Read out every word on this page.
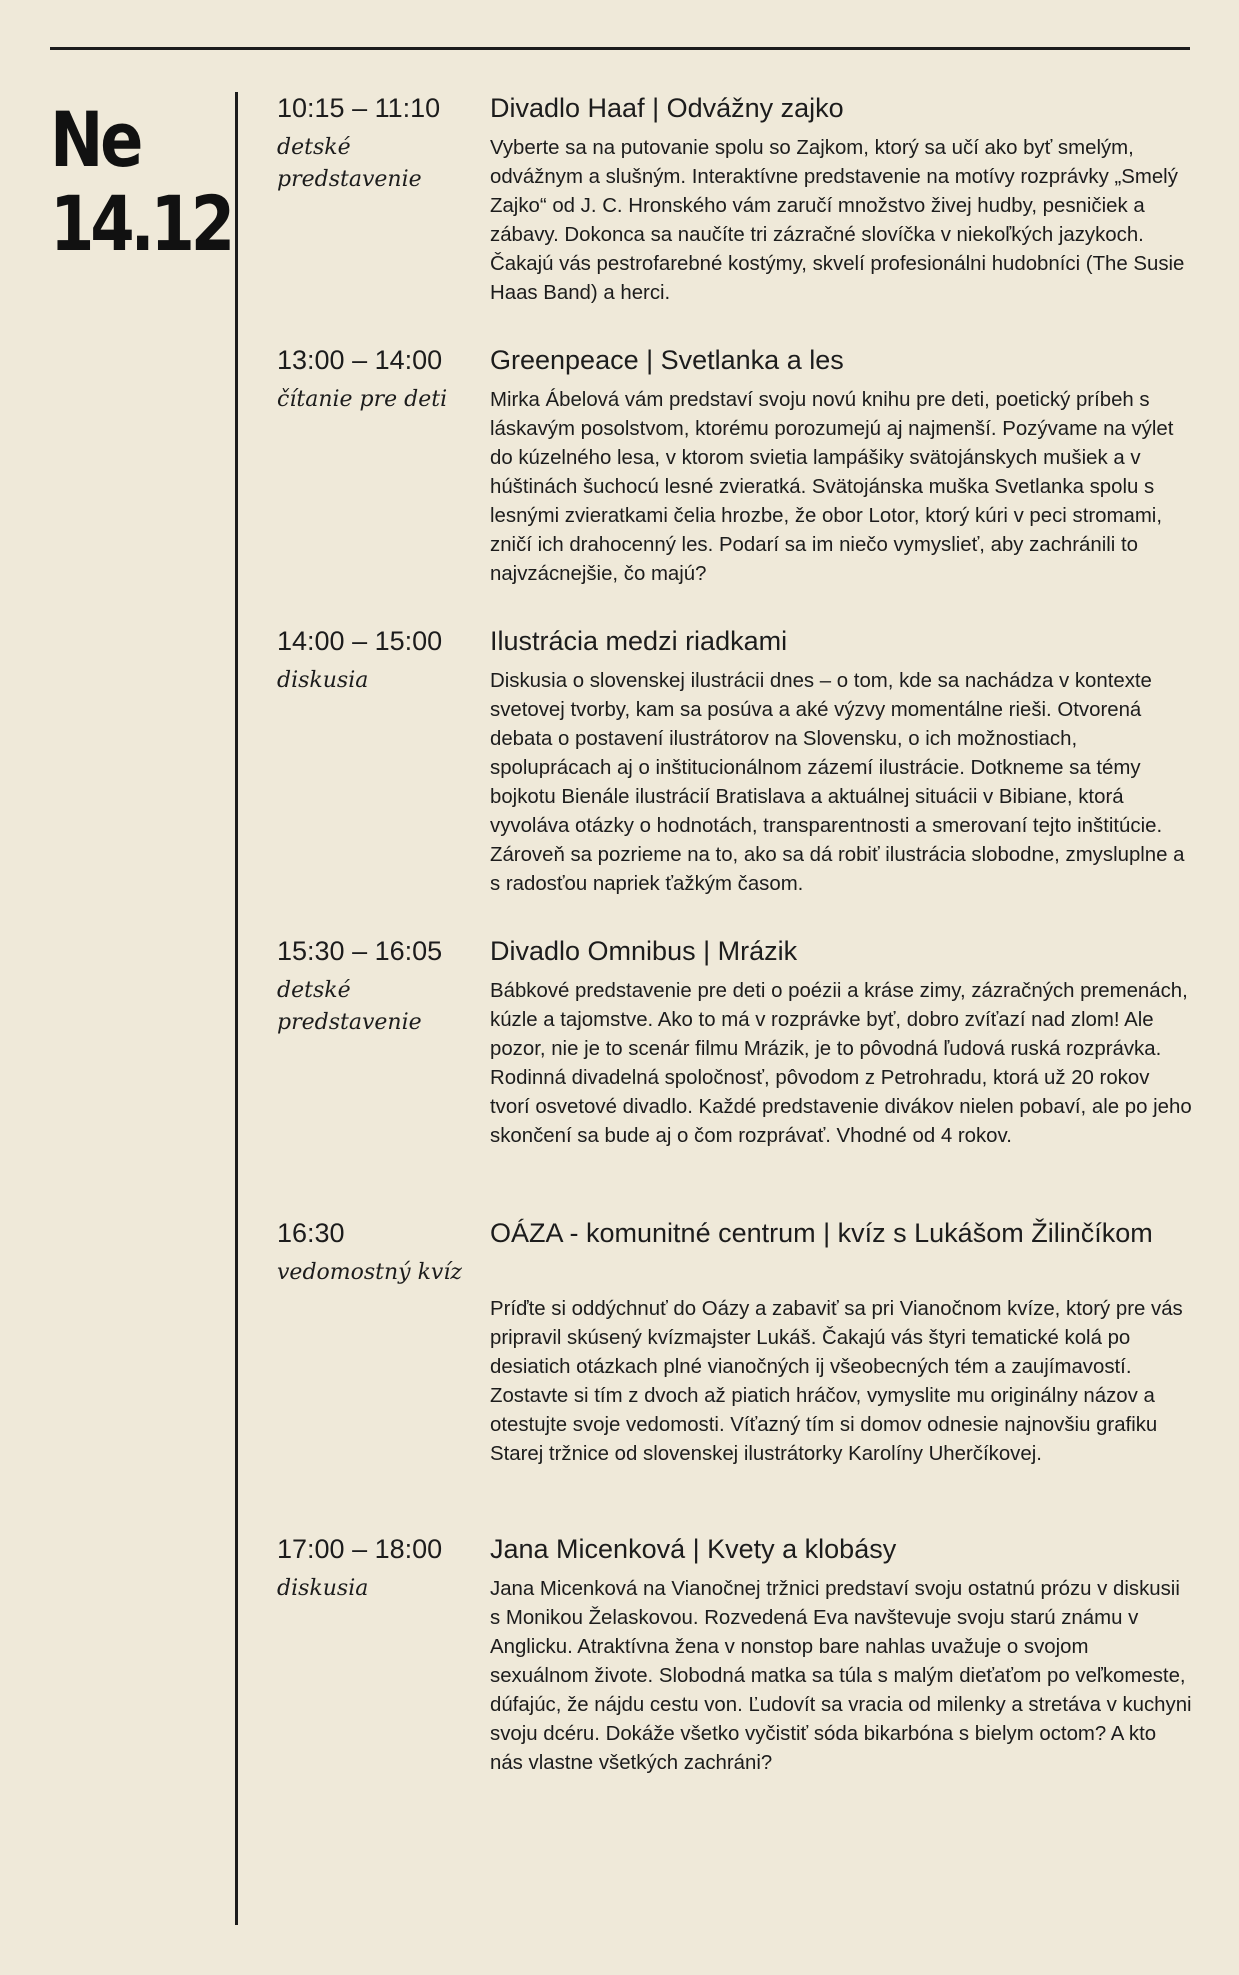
Ne
14.12
10:15 – 11:10
detské predstavenie
Divadlo Haaf | Odvážny zajko

Vyberte sa na putovanie spolu so Zajkom, ktorý sa učí ako byť smelým, odvážnym a slušným. Interaktívne predstavenie na motívy rozprávky „Smelý Zajko“ od J. C. Hronského vám zaručí množstvo živej hudby, pesničiek a zábavy. Dokonca sa naučíte tri zázračné slovíčka v niekoľkých jazykoch. Čakajú vás pestrofarebné kostýmy, skvelí profesionálni hudobníci (The Susie Haas Band) a herci.

13:00 – 14:00
čítanie pre deti
Greenpeace | Svetlanka a les

Mirka Ábelová vám predstaví svoju novú knihu pre deti, poetický príbeh s láskavým posolstvom, ktorému porozumejú aj najmenší. Pozývame na výlet do kúzelného lesa, v ktorom svietia lampášiky svätojánskych mušiek a v húštinách šuchocú lesné zvieratká. Svätojánska muška Svetlanka spolu s lesnými zvieratkami čelia hrozbe, že obor Lotor, ktorý kúri v peci stromami, zničí ich drahocenný les. Podarí sa im niečo vymyslieť, aby zachránili to najvzácnejšie, čo majú?

14:00 – 15:00
diskusia
Ilustrácia medzi riadkami

Diskusia o slovenskej ilustrácii dnes – o tom, kde sa nachádza v kontexte svetovej tvorby, kam sa posúva a aké výzvy momentálne rieši. Otvorená debata o postavení ilustrátorov na Slovensku, o ich možnostiach, spoluprácach aj o inštitucionálnom zázemí ilustrácie. Dotkneme sa témy bojkotu Bienále ilustrácií Bratislava a aktuálnej situácii v Bibiane, ktorá vyvoláva otázky o hodnotách, transparentnosti a smerovaní tejto inštitúcie. Zároveň sa pozrieme na to, ako sa dá robiť ilustrácia slobodne, zmysluplne a s radosťou napriek ťažkým časom.

15:30 – 16:05
detské predstavenie
Divadlo Omnibus | Mrázik

Bábkové predstavenie pre deti o poézii a kráse zimy, zázračných premenách, kúzle a tajomstve. Ako to má v rozprávke byť, dobro zvíťazí nad zlom! Ale pozor, nie je to scenár filmu Mrázik, je to pôvodná ľudová ruská rozprávka. Rodinná divadelná spoločnosť, pôvodom z Petrohradu, ktorá už 20 rokov tvorí osvetové divadlo. Každé predstavenie divákov nielen pobaví, ale po jeho skončení sa bude aj o čom rozprávať. Vhodné od 4 rokov.

16:30
vedomostný kvíz
OÁZA - komunitné centrum | kvíz s Lukášom Žilinčíkom

Príďte si oddýchnuť do Oázy a zabaviť sa pri Vianočnom kvíze, ktorý pre vás pripravil skúsený kvízmajster Lukáš. Čakajú vás štyri tematické kolá po desiatich otázkach plné vianočných ij všeobecných tém a zaujímavostí. Zostavte si tím z dvoch až piatich hráčov, vymyslite mu originálny názov a otestujte svoje vedomosti. Víťazný tím si domov odnesie najnovšiu grafiku Starej tržnice od slovenskej ilustrátorky Karolíny Uherčíkovej.

17:00 – 18:00
diskusia
Jana Micenková | Kvety a klobásy

Jana Micenková na Vianočnej tržnici predstaví svoju ostatnú prózu v diskusii s Monikou Želaskovou. Rozvedená Eva navštevuje svoju starú známu v Anglicku. Atraktívna žena v nonstop bare nahlas uvažuje o svojom sexuálnom živote. Slobodná matka sa túla s malým dieťaťom po veľkomeste, dúfajúc, že nájdu cestu von. Ľudovít sa vracia od milenky a stretáva v kuchyni svoju dcéru. Dokáže všetko vyčistiť sóda bikarbóna s bielym octom? A kto nás vlastne všetkých zachráni?
